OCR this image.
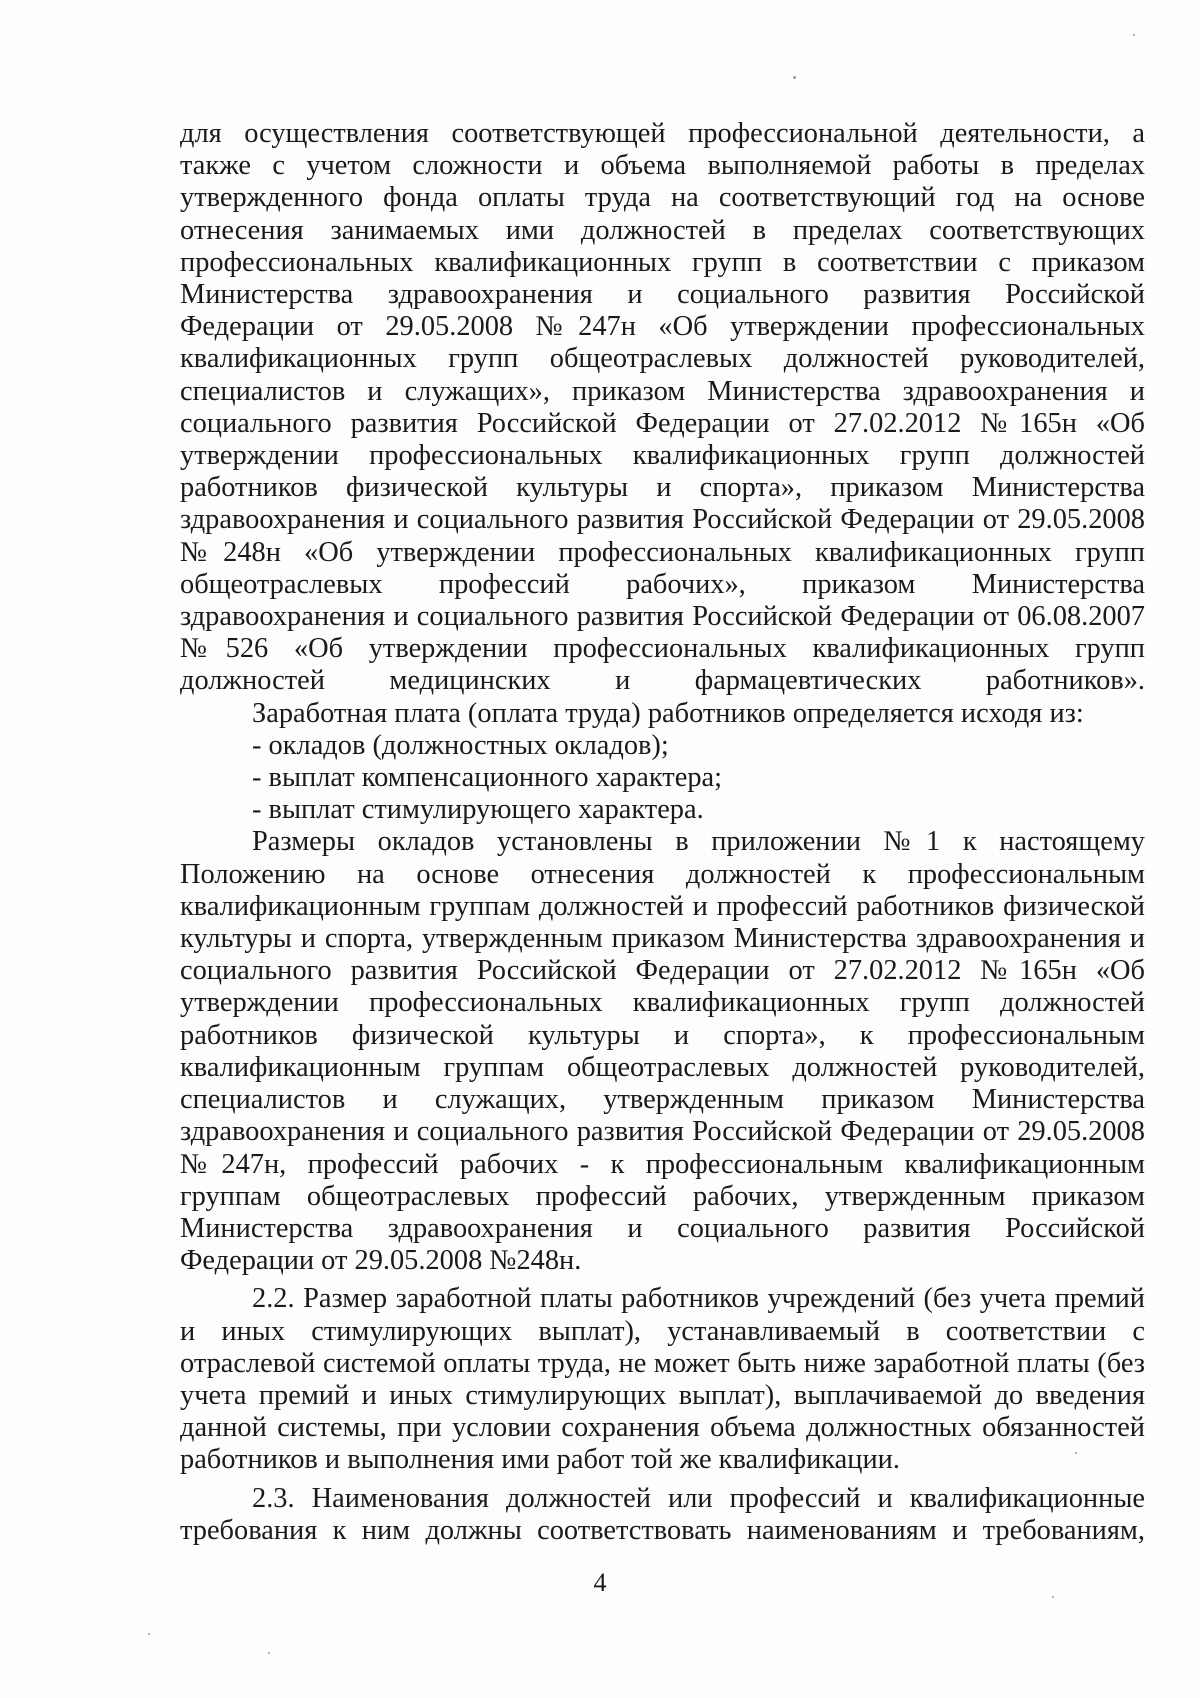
для осуществления соответствующей профессиональной деятельности, а также с учетом сложности и объема выполняемой работы в пределах утвержденного фонда оплаты труда на соответствующий год на основе отнесения занимаемых ими должностей в пределах соответствующих профессиональных квалификационных групп в соответствии с приказом Министерства здравоохранения и социального развития Российской Федерации от 29.05.2008 №247н «Об утверждении профессиональных квалификационных групп общеотраслевых должностей руководителей, специалистов и служащих», приказом Министерства здравоохранения и социального развития Российской Федерации от 27.02.2012 №165н «Об утверждении профессиональных квалификационных групп должностей работников физической культуры и спорта», приказом Министерства здравоохранения и социального развития Российской Федерации от 29.05.2008 №248н «Об утверждении профессиональных квалификационных групп общеотраслевых профессий рабочих», приказом Министерства здравоохранения и социального развития Российской Федерации от 06.08.2007 №526 «Об утверждении профессиональных квалификационных групп должностей медицинских и фармацевтических работников».

Заработная плата (оплата труда) работников определяется исходя из:

- окладов (должностных окладов);

- выплат компенсационного характера;

- выплат стимулирующего характера.

Размеры окладов установлены в приложении №1 к настоящему Положению на основе отнесения должностей к профессиональным квалификационным группам должностей и профессий работников физической культуры и спорта, утвержденным приказом Министерства здравоохранения и социального развития Российской Федерации от 27.02.2012 №165н «Об утверждении профессиональных квалификационных групп должностей работников физической культуры и спорта», к профессиональным квалификационным группам общеотраслевых должностей руководителей, специалистов и служащих, утвержденным приказом Министерства здравоохранения и социального развития Российской Федерации от 29.05.2008 №247н, профессий рабочих - к профессиональным квалификационным группам общеотраслевых профессий рабочих, утвержденным приказом Министерства здравоохранения и социального развития Российской Федерации от 29.05.2008 №248н.

2.2. Размер заработной платы работников учреждений (без учета премий и иных стимулирующих выплат), устанавливаемый в соответствии с отраслевой системой оплаты труда, не может быть ниже заработной платы (без учета премий и иных стимулирующих выплат), выплачиваемой до введения данной системы, при условии сохранения объема должностных обязанностей работников и выполнения ими работ той же квалификации.

2.3. Наименования должностей или профессий и квалификационные требования к ним должны соответствовать наименованиям и требованиям,

4
